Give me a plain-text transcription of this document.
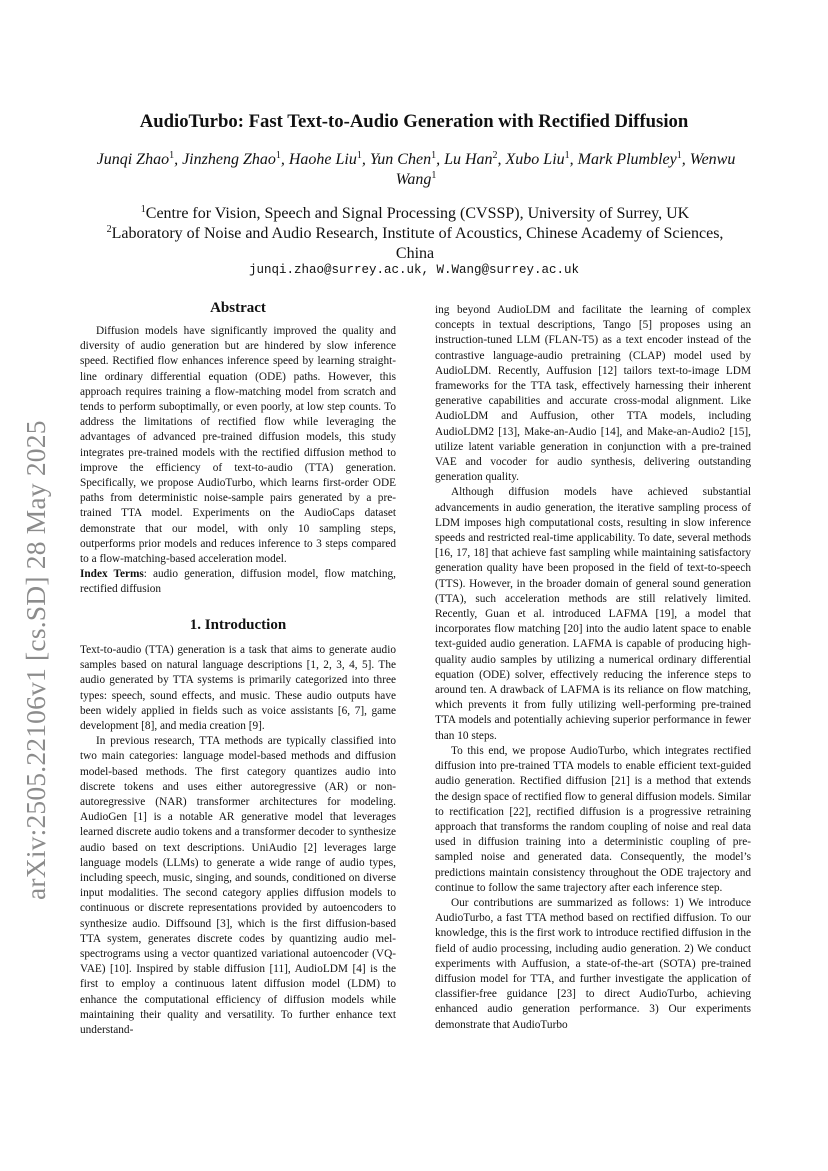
arXiv:2505.22106v1 [cs.SD] 28 May 2025
AudioTurbo: Fast Text-to-Audio Generation with Rectified Diffusion
Junqi Zhao$^1$, Jinzheng Zhao$^1$, Haohe Liu$^1$, Yun Chen$^1$, Lu Han$^2$, Xubo Liu$^1$, Mark Plumbley$^1$, Wenwu
Wang$^1$
$^1$Centre for Vision, Speech and Signal Processing (CVSSP), University of Surrey, UK
$^2$Laboratory of Noise and Audio Research, Institute of Acoustics, Chinese Academy of Sciences,
China
junqi.zhao@surrey.ac.uk, W.Wang@surrey.ac.uk
Abstract

Diffusion models have significantly improved the quality and diversity of audio generation but are hindered by slow inference speed. Rectified flow enhances inference speed by learning straight-line ordinary differential equation (ODE) paths. However, this approach requires training a flow-matching model from scratch and tends to perform suboptimally, or even poorly, at low step counts. To address the limitations of rectified flow while leveraging the advantages of advanced pre-trained diffusion models, this study integrates pre-trained models with the rectified diffusion method to improve the efficiency of text-to-audio (TTA) generation. Specifically, we propose AudioTurbo, which learns first-order ODE paths from deterministic noise-sample pairs generated by a pre-trained TTA model. Experiments on the AudioCaps dataset demonstrate that our model, with only 10 sampling steps, outperforms prior models and reduces inference to 3 steps compared to a flow-matching-based acceleration model.

Index Terms: audio generation, diffusion model, flow matching, rectified diffusion

1. Introduction

Text-to-audio (TTA) generation is a task that aims to generate audio samples based on natural language descriptions [1, 2, 3, 4, 5]. The audio generated by TTA systems is primarily categorized into three types: speech, sound effects, and music. These audio outputs have been widely applied in fields such as voice assistants [6, 7], game development [8], and media creation [9].

In previous research, TTA methods are typically classified into two main categories: language model-based methods and diffusion model-based methods. The first category quantizes audio into discrete tokens and uses either autoregressive (AR) or non-autoregressive (NAR) transformer architectures for modeling. AudioGen [1] is a notable AR generative model that leverages learned discrete audio tokens and a transformer decoder to synthesize audio based on text descriptions. UniAudio [2] leverages large language models (LLMs) to generate a wide range of audio types, including speech, music, singing, and sounds, conditioned on diverse input modalities. The second category applies diffusion models to continuous or discrete representations provided by autoencoders to synthesize audio. Diffsound [3], which is the first diffusion-based TTA system, generates discrete codes by quantizing audio mel-spectrograms using a vector quantized variational autoencoder (VQ-VAE) [10]. Inspired by stable diffusion [11], AudioLDM [4] is the first to employ a continuous latent diffusion model (LDM) to enhance the computational efficiency of diffusion models while maintaining their quality and versatility. To further enhance text understand-

ing beyond AudioLDM and facilitate the learning of complex concepts in textual descriptions, Tango [5] proposes using an instruction-tuned LLM (FLAN-T5) as a text encoder instead of the contrastive language-audio pretraining (CLAP) model used by AudioLDM. Recently, Auffusion [12] tailors text-to-image LDM frameworks for the TTA task, effectively harnessing their inherent generative capabilities and accurate cross-modal alignment. Like AudioLDM and Auffusion, other TTA models, including AudioLDM2 [13], Make-an-Audio [14], and Make-an-Audio2 [15], utilize latent variable generation in conjunction with a pre-trained VAE and vocoder for audio synthesis, delivering outstanding generation quality.

Although diffusion models have achieved substantial advancements in audio generation, the iterative sampling process of LDM imposes high computational costs, resulting in slow inference speeds and restricted real-time applicability. To date, several methods [16, 17, 18] that achieve fast sampling while maintaining satisfactory generation quality have been proposed in the field of text-to-speech (TTS). However, in the broader domain of general sound generation (TTA), such acceleration methods are still relatively limited. Recently, Guan et al. introduced LAFMA [19], a model that incorporates flow matching [20] into the audio latent space to enable text-guided audio generation. LAFMA is capable of producing high-quality audio samples by utilizing a numerical ordinary differential equation (ODE) solver, effectively reducing the inference steps to around ten. A drawback of LAFMA is its reliance on flow matching, which prevents it from fully utilizing well-performing pre-trained TTA models and potentially achieving superior performance in fewer than 10 steps.

To this end, we propose AudioTurbo, which integrates rectified diffusion into pre-trained TTA models to enable efficient text-guided audio generation. Rectified diffusion [21] is a method that extends the design space of rectified flow to general diffusion models. Similar to rectification [22], rectified diffusion is a progressive retraining approach that transforms the random coupling of noise and real data used in diffusion training into a deterministic coupling of pre-sampled noise and generated data. Consequently, the model’s predictions maintain consistency throughout the ODE trajectory and continue to follow the same trajectory after each inference step.

Our contributions are summarized as follows: 1) We introduce AudioTurbo, a fast TTA method based on rectified diffusion. To our knowledge, this is the first work to introduce rectified diffusion in the field of audio processing, including audio generation. 2) We conduct experiments with Auffusion, a state-of-the-art (SOTA) pre-trained diffusion model for TTA, and further investigate the application of classifier-free guidance [23] to direct AudioTurbo, achieving enhanced audio generation performance. 3) Our experiments demonstrate that AudioTurbo
